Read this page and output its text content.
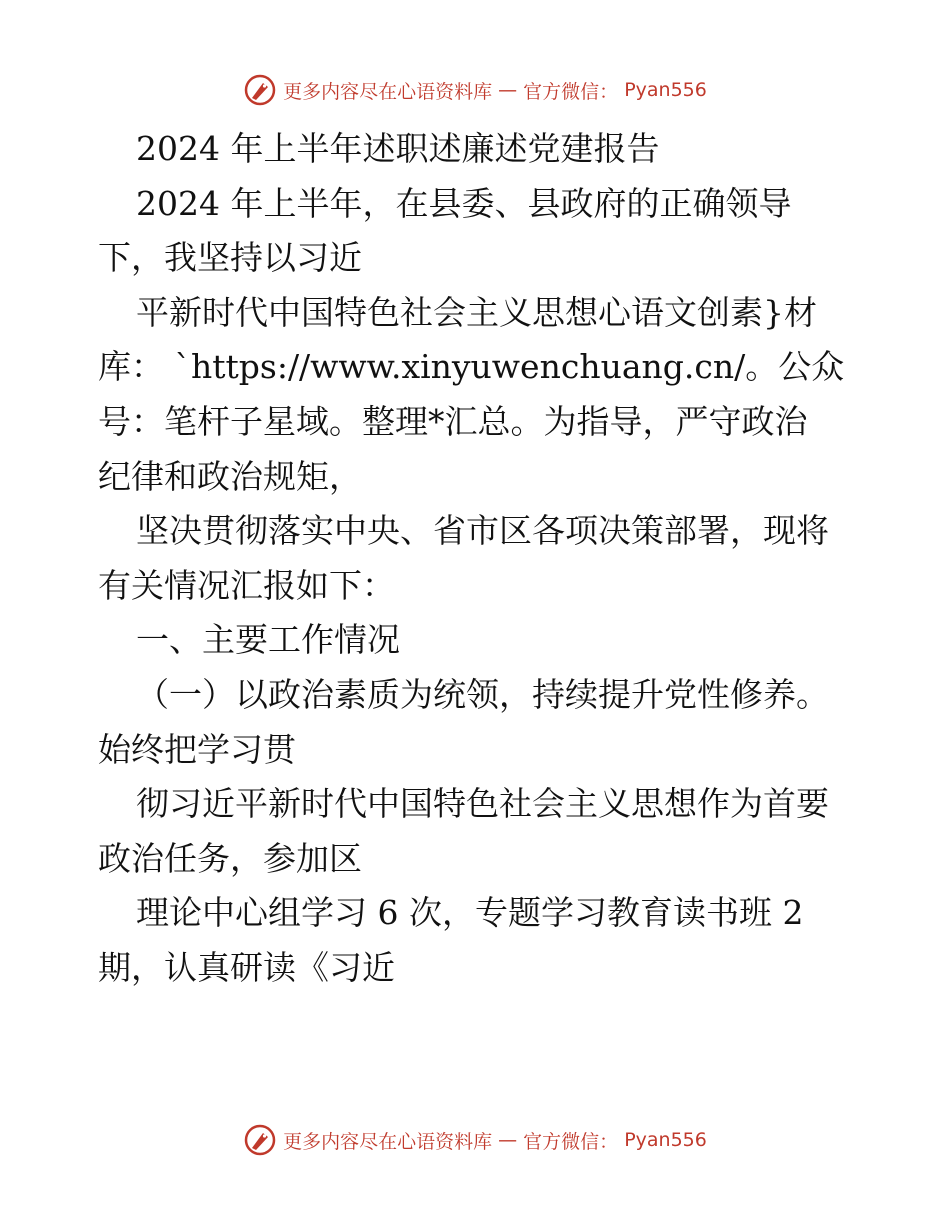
更多内容尽在心语资料库 — 官方微信： Pyan556
2024 年上半年述职述廉述党建报告
2024 年上半年，在县委、县政府的正确领导
下，我坚持以习近
平新时代中国特色社会主义思想心语文创素}材
库： `https://www.xinyuwenchuang.cn/。公众
号：笔杆子星域。整理*汇总。为指导，严守政治
纪律和政治规矩，
坚决贯彻落实中央、省市区各项决策部署，现将
有关情况汇报如下：
一、主要工作情况
（一）以政治素质为统领，持续提升党性修养。
始终把学习贯
彻习近平新时代中国特色社会主义思想作为首要
政治任务，参加区
理论中心组学习 6 次，专题学习教育读书班 2
期，认真研读《习近
更多内容尽在心语资料库 — 官方微信： Pyan556
